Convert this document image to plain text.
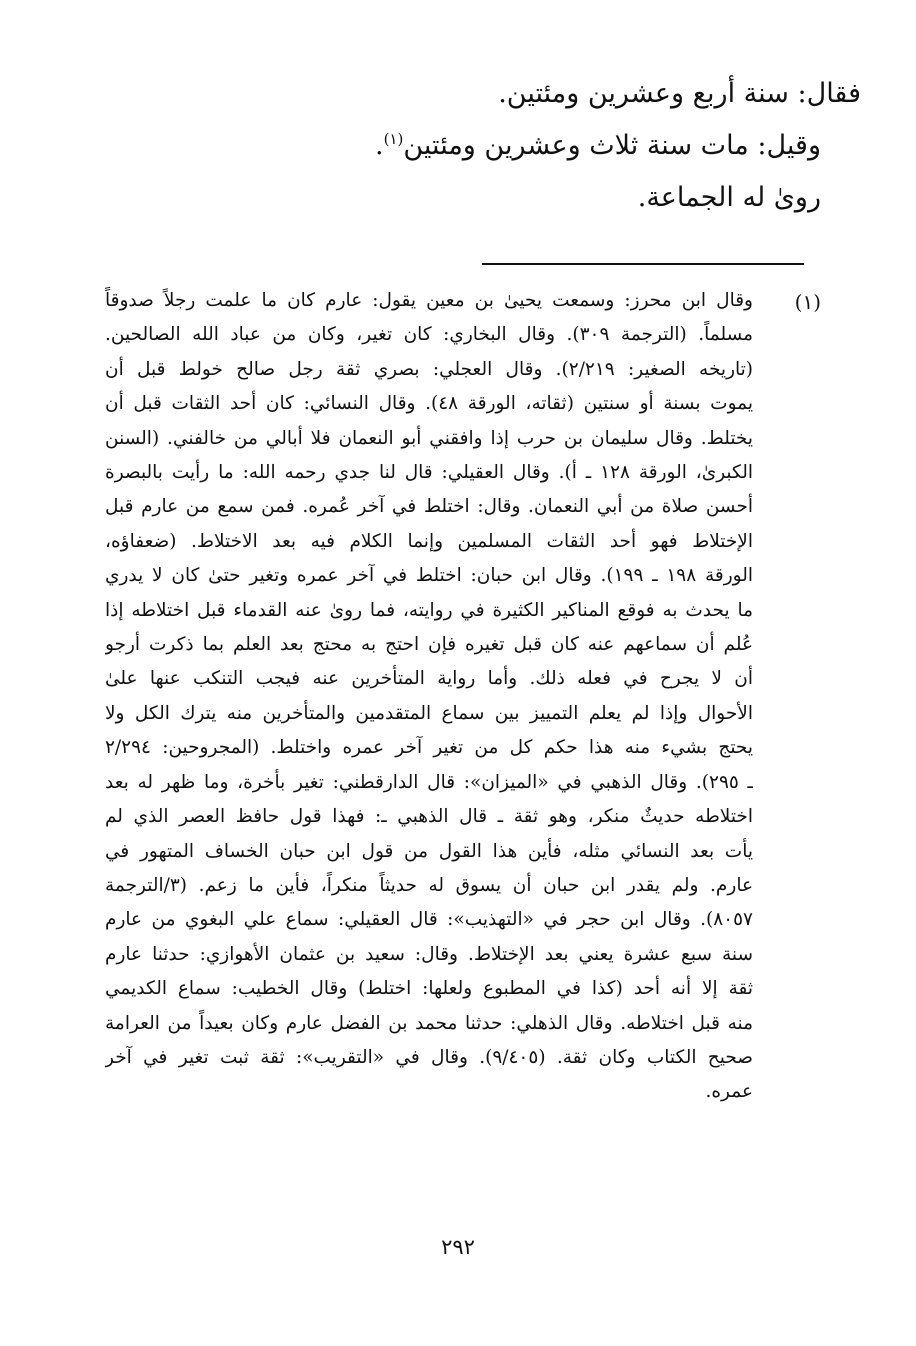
فقال: سنة أربع وعشرين ومئتين.
وقيل: مات سنة ثلاث وعشرين ومئتين$^{(١)}$.
روىٰ له الجماعة.
(١)
وقال ابن محرز: وسمعت يحيىٰ بن معين يقول: عارم كان ما علمت رجلاً صدوقاً
مسلماً. (الترجمة ٣٠٩). وقال البخاري: كان تغير، وكان من عباد الله الصالحين.
(تاريخه الصغير: ٢/٢١٩). وقال العجلي: بصري ثقة رجل صالح خولط قبل أن
يموت بسنة أو سنتين (ثقاته، الورقة ٤٨). وقال النسائي: كان أحد الثقات قبل أن
يختلط. وقال سليمان بن حرب إذا وافقني أبو النعمان فلا أبالي من خالفني. (السنن
الكبرىٰ، الورقة ١٢٨ ـ أ). وقال العقيلي: قال لنا جدي رحمه الله: ما رأيت بالبصرة
أحسن صلاة من أبي النعمان. وقال: اختلط في آخر عُمره. فمن سمع من عارم قبل
الإختلاط فهو أحد الثقات المسلمين وإنما الكلام فيه بعد الاختلاط. (ضعفاؤه،
الورقة ١٩٨ ـ ١٩٩). وقال ابن حبان: اختلط في آخر عمره وتغير حتىٰ كان لا يدري
ما يحدث به فوقع المناكير الكثيرة في روايته، فما روىٰ عنه القدماء قبل اختلاطه إذا
عُلم أن سماعهم عنه كان قبل تغيره فإن احتج به محتج بعد العلم بما ذكرت أرجو
أن لا يجرح في فعله ذلك. وأما رواية المتأخرين عنه فيجب التنكب عنها علىٰ
الأحوال وإذا لم يعلم التمييز بين سماع المتقدمين والمتأخرين منه يترك الكل ولا
يحتج بشيء منه هذا حكم كل من تغير آخر عمره واختلط. (المجروحين: ٢/٢٩٤
ـ ٢٩٥). وقال الذهبي في «الميزان»: قال الدارقطني: تغير بأخرة، وما ظهر له بعد
اختلاطه حديثٌ منكر، وهو ثقة ـ قال الذهبي ـ: فهذا قول حافظ العصر الذي لم
يأت بعد النسائي مثله، فأين هذا القول من قول ابن حبان الخساف المتهور في
عارم. ولم يقدر ابن حبان أن يسوق له حديثاً منكراً، فأين ما زعم. (٣/الترجمة
٨٠٥٧). وقال ابن حجر في «التهذيب»: قال العقيلي: سماع علي البغوي من عارم
سنة سبع عشرة يعني بعد الإختلاط. وقال: سعيد بن عثمان الأهوازي: حدثنا عارم
ثقة إلا أنه أحد (كذا في المطبوع ولعلها: اختلط) وقال الخطيب: سماع الكديمي
منه قبل اختلاطه. وقال الذهلي: حدثنا محمد بن الفضل عارم وكان بعيداً من العرامة
صحيح الكتاب وكان ثقة. (٩/٤٠٥). وقال في «التقريب»: ثقة ثبت تغير في آخر
عمره.
٢٩٢
